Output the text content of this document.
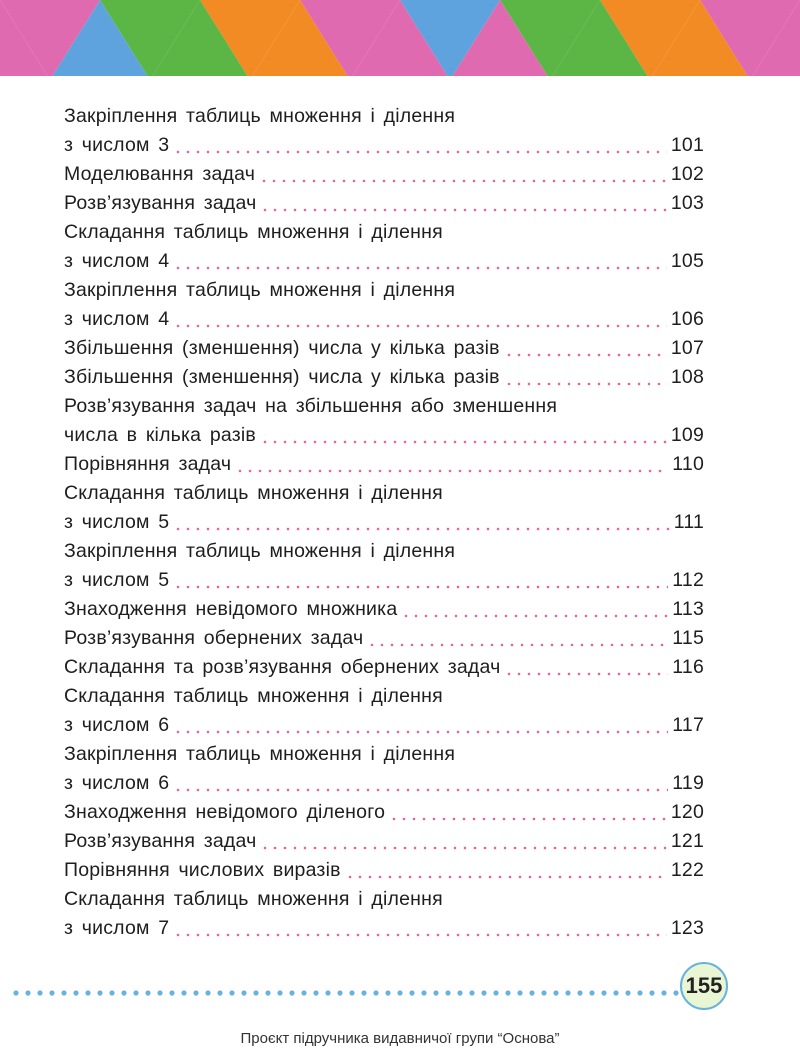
Закріплення таблиць множення і ділення
з числом 3	101
Моделювання задач	102
Розв’язування задач	103
Складання таблиць множення і ділення
з числом 4	105
Закріплення таблиць множення і ділення
з числом 4	106
Збільшення (зменшення) числа у кілька разів	107
Збільшення (зменшення) числа у кілька разів	108
Розв’язування задач на збільшення або зменшення
числа в кілька разів	109
Порівняння задач	110
Складання таблиць множення і ділення
з числом 5	111
Закріплення таблиць множення і ділення
з числом 5	112
Знаходження невідомого множника	113
Розв’язування обернених задач	115
Складання та розв’язування обернених задач	116
Складання таблиць множення і ділення
з числом 6	117
Закріплення таблиць множення і ділення
з числом 6	119
Знаходження невідомого діленого	120
Розв’язування задач	121
Порівняння числових виразів	122
Складання таблиць множення і ділення
з числом 7	123
155
Проєкт підручника видавничої групи “Основа”
